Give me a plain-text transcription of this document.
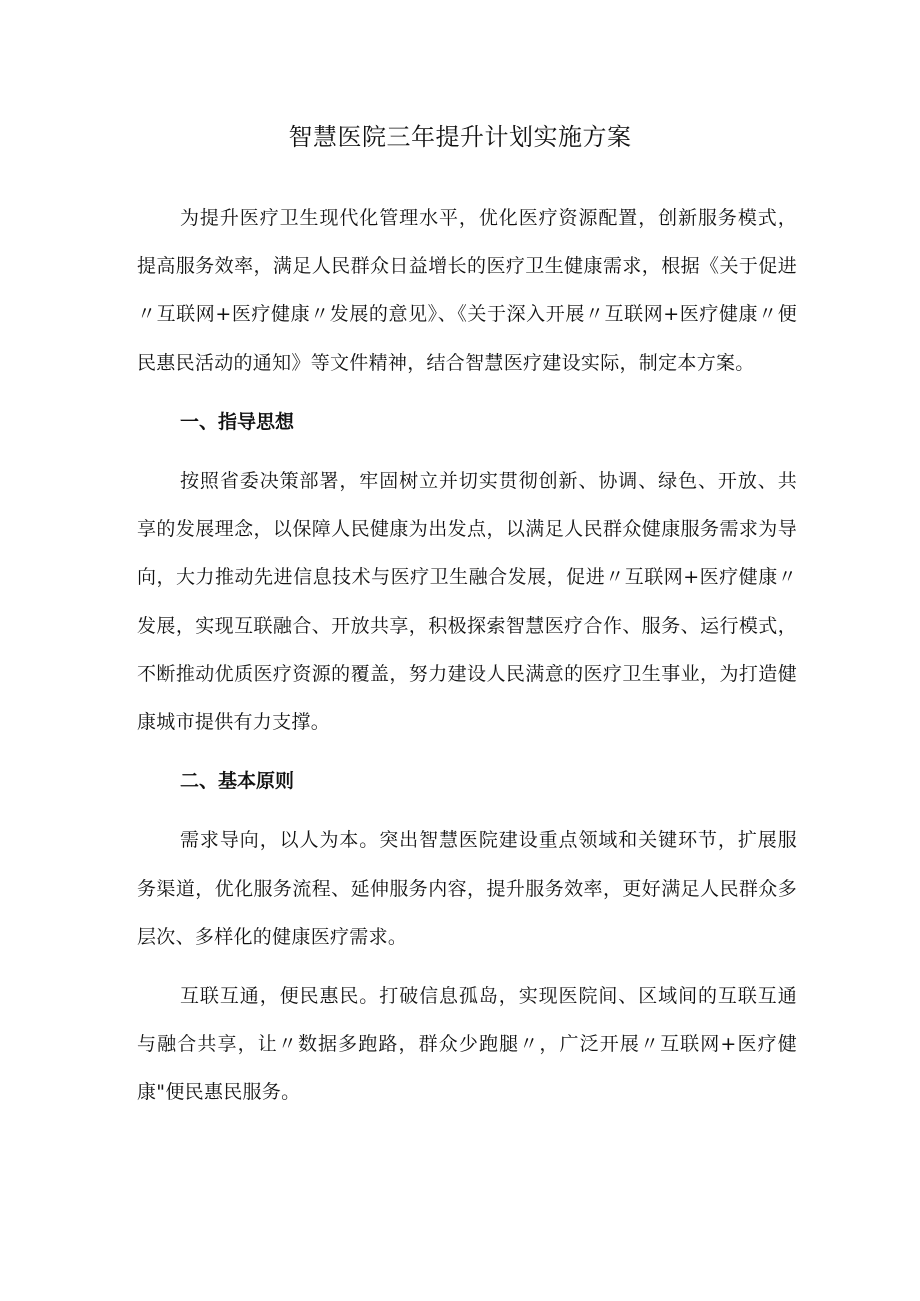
智慧医院三年提升计划实施方案

为提升医疗卫生现代化管理水平，优化医疗资源配置，创新服务模式，提高服务效率，满足人民群众日益增长的医疗卫生健康需求，根据《关于促进〃互联网+医疗健康〃发展的意见》、《关于深入开展〃互联网+医疗健康〃便民惠民活动的通知》等文件精神，结合智慧医疗建设实际，制定本方案。

一、指导思想

按照省委决策部署，牢固树立并切实贯彻创新、协调、绿色、开放、共享的发展理念，以保障人民健康为出发点，以满足人民群众健康服务需求为导向，大力推动先进信息技术与医疗卫生融合发展，促进〃互联网+医疗健康〃发展，实现互联融合、开放共享，积极探索智慧医疗合作、服务、运行模式，不断推动优质医疗资源的覆盖，努力建设人民满意的医疗卫生事业，为打造健康城市提供有力支撑。

二、基本原则

需求导向，以人为本。突出智慧医院建设重点领域和关键环节，扩展服务渠道，优化服务流程、延伸服务内容，提升服务效率，更好满足人民群众多层次、多样化的健康医疗需求。

互联互通，便民惠民。打破信息孤岛，实现医院间、区域间的互联互通与融合共享，让〃数据多跑路，群众少跑腿〃，广泛开展〃互联网+医疗健康"便民惠民服务。
